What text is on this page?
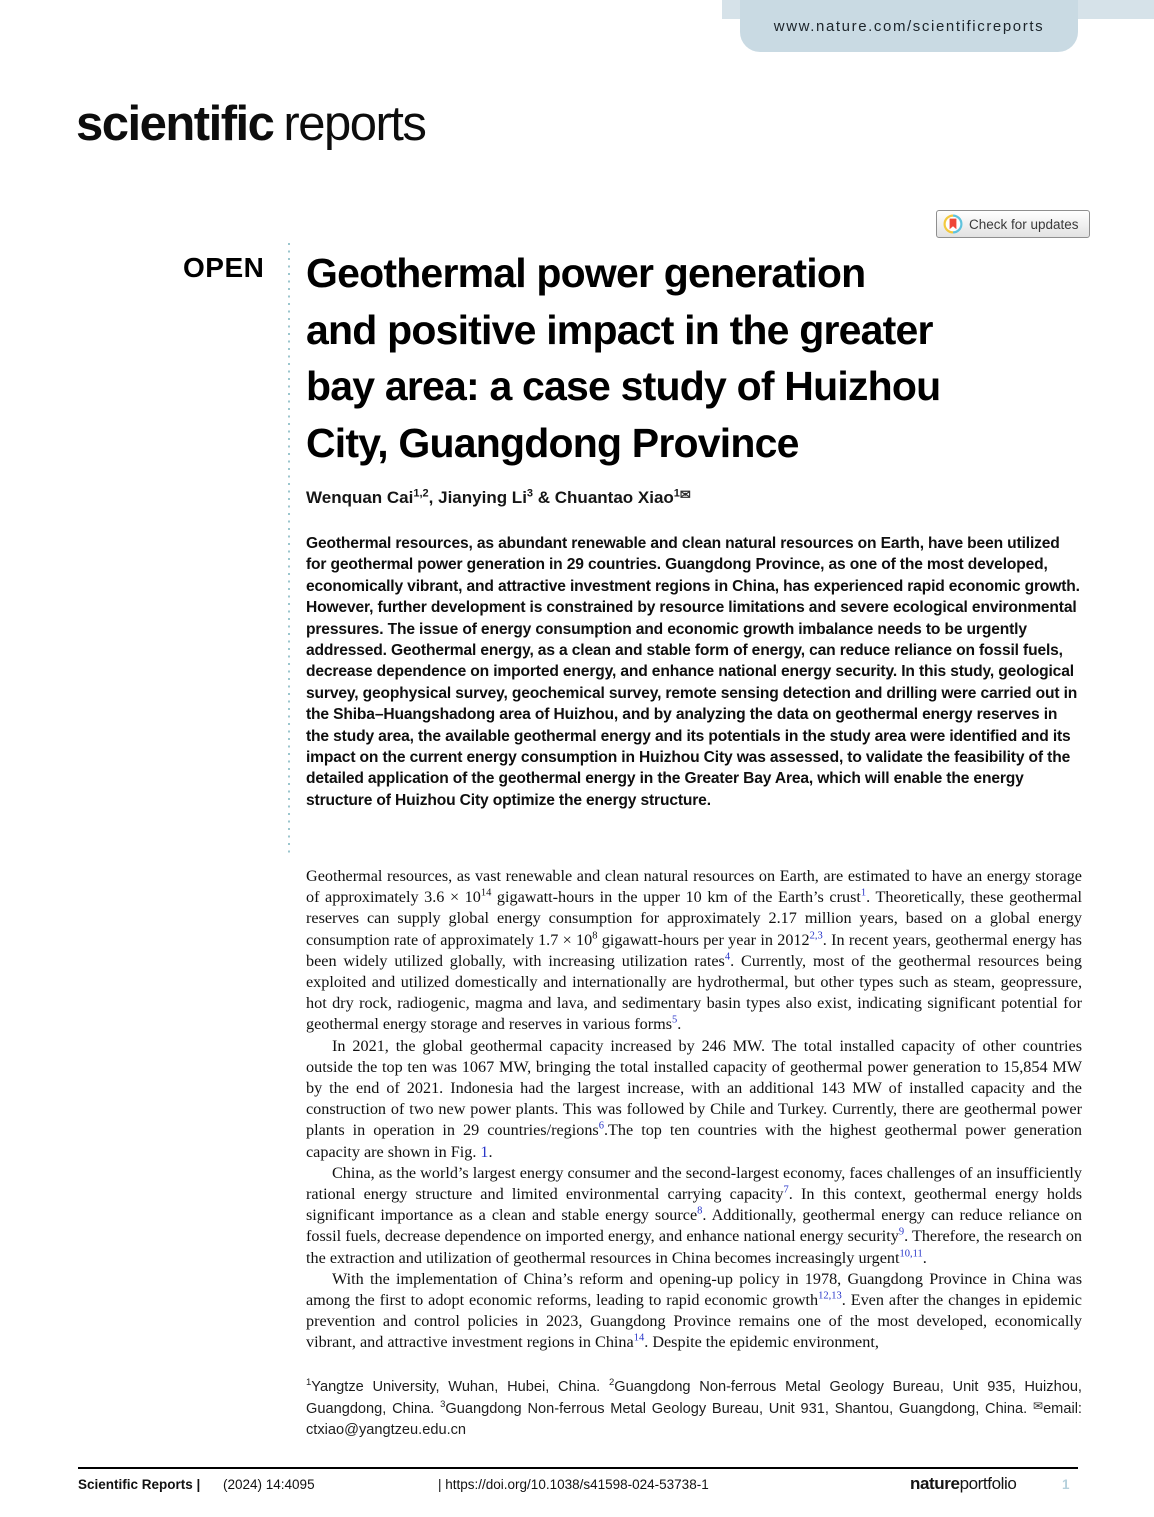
www.nature.com/scientificreports
scientific reports
Check for updates
OPEN Geothermal power generation
and positive impact in the greater
bay area: a case study of Huizhou
City, Guangdong Province
Wenquan Cai$^{1,2}$, Jianying Li$^3$ & Chuantao Xiao$^{1✉}$
Geothermal resources, as abundant renewable and clean natural resources on Earth, have been utilized for geothermal power generation in 29 countries. Guangdong Province, as one of the most developed, economically vibrant, and attractive investment regions in China, has experienced rapid economic growth. However, further development is constrained by resource limitations and severe ecological environmental pressures. The issue of energy consumption and economic growth imbalance needs to be urgently addressed. Geothermal energy, as a clean and stable form of energy, can reduce reliance on fossil fuels, decrease dependence on imported energy, and enhance national energy security. In this study, geological survey, geophysical survey, geochemical survey, remote sensing detection and drilling were carried out in the Shiba–Huangshadong area of Huizhou, and by analyzing the data on geothermal energy reserves in the study area, the available geothermal energy and its potentials in the study area were identified and its impact on the current energy consumption in Huizhou City was assessed, to validate the feasibility of the detailed application of the geothermal energy in the Greater Bay Area, which will enable the energy structure of Huizhou City optimize the energy structure.

Geothermal resources, as vast renewable and clean natural resources on Earth, are estimated to have an energy storage of approximately $3.6 \times 10^{14}$ gigawatt-hours in the upper 10 km of the Earth’s crust$^1$. Theoretically, these geothermal reserves can supply global energy consumption for approximately 2.17 million years, based on a global energy consumption rate of approximately $1.7 \times 10^8$ gigawatt-hours per year in 2012$^{2,3}$. In recent years, geothermal energy has been widely utilized globally, with increasing utilization rates$^4$. Currently, most of the geothermal resources being exploited and utilized domestically and internationally are hydrothermal, but other types such as steam, geopressure, hot dry rock, radiogenic, magma and lava, and sedimentary basin types also exist, indicating significant potential for geothermal energy storage and reserves in various forms$^5$.

In 2021, the global geothermal capacity increased by 246 MW. The total installed capacity of other countries outside the top ten was 1067 MW, bringing the total installed capacity of geothermal power generation to 15,854 MW by the end of 2021. Indonesia had the largest increase, with an additional 143 MW of installed capacity and the construction of two new power plants. This was followed by Chile and Turkey. Currently, there are geothermal power plants in operation in 29 countries/regions$^6$.The top ten countries with the highest geothermal power generation capacity are shown in Fig. 1.

China, as the world’s largest energy consumer and the second-largest economy, faces challenges of an insufficiently rational energy structure and limited environmental carrying capacity$^7$. In this context, geothermal energy holds significant importance as a clean and stable energy source$^8$. Additionally, geothermal energy can reduce reliance on fossil fuels, decrease dependence on imported energy, and enhance national energy security$^9$. Therefore, the research on the extraction and utilization of geothermal resources in China becomes increasingly urgent$^{10,11}$.

With the implementation of China’s reform and opening-up policy in 1978, Guangdong Province in China was among the first to adopt economic reforms, leading to rapid economic growth$^{12,13}$. Even after the changes in epidemic prevention and control policies in 2023, Guangdong Province remains one of the most developed, economically vibrant, and attractive investment regions in China$^{14}$. Despite the epidemic environment,

$^1$Yangtze University, Wuhan, Hubei, China. $^2$Guangdong Non-ferrous Metal Geology Bureau, Unit 935, Huizhou, Guangdong, China. $^3$Guangdong Non-ferrous Metal Geology Bureau, Unit 931, Shantou, Guangdong, China. ✉email: ctxiao@yangtzeu.edu.cn
Scientific Reports | (2024) 14:4095	| https://doi.org/10.1038/s41598-024-53738-1	natureportfolio	1
